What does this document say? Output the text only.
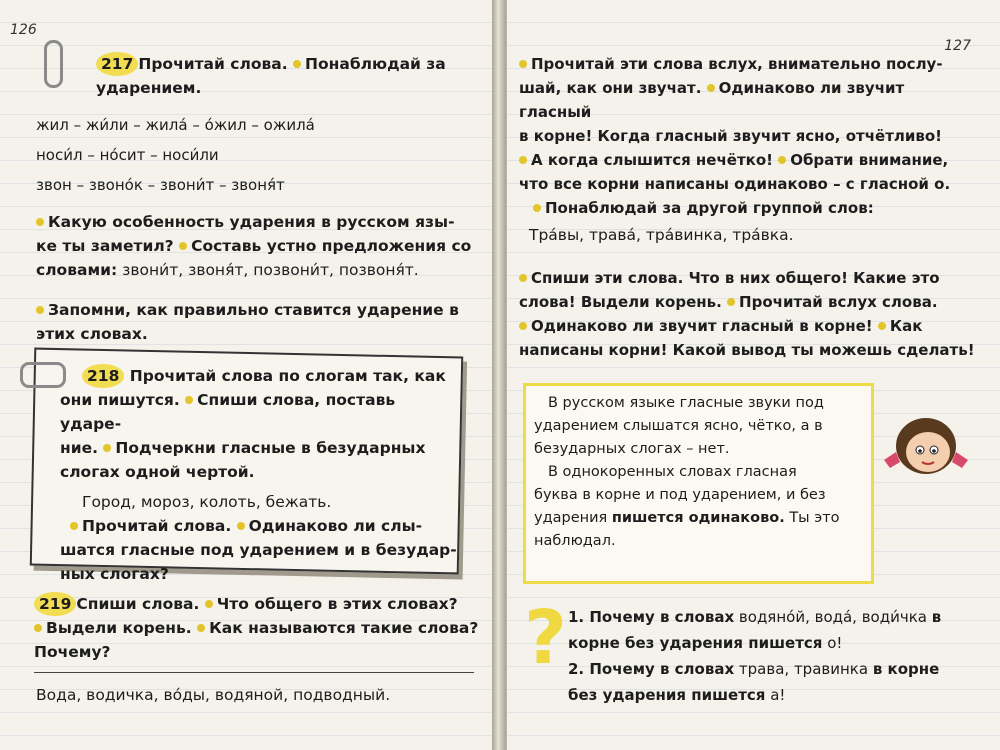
126
217 Прочитай слова. Понаблюдай за
ударением.
жил – жи́ли – жила́ – о́жил – ожила́
носи́л – но́сит – носи́ли
звон – звоно́к – звони́т – звоня́т
Какую особенность ударения в русском язы-
ке ты заметил? Составь устно предложения со
словами: звони́т, звоня́т, позвони́т, позвоня́т.
Запомни, как правильно ставится ударение в
этих словах.
218 Прочитай слова по слогам так, как
они пишутся. Спиши слова, поставь ударе-
ние. Подчеркни гласные в безударных
слогах одной чертой.
Город, мороз, колоть, бежать.
Прочитай слова. Одинаково ли слы-
шатся гласные под ударением и в безудар-
ных слогах?
219 Спиши слова. Что общего в этих словах?
Выдели корень. Как называются такие слова?
Почему?
Вода, водичка, во́ды, водяной, подводный.
127
Прочитай эти слова вслух, внимательно послу-
шай, как они звучат. Одинаково ли звучит гласный
в корне! Когда гласный звучит ясно, отчётливо!
А когда слышится нечётко! Обрати внимание,
что все корни написаны одинаково – с гласной о.
Понаблюдай за другой группой слов:
Тра́вы, трава́, тра́винка, тра́вка.
Спиши эти слова. Что в них общего! Какие это
слова! Выдели корень. Прочитай вслух слова.
Одинаково ли звучит гласный в корне! Как
написаны корни! Какой вывод ты можешь сделать!
В русском языке гласные звуки под
ударением слышатся ясно, чётко, а в
безударных слогах – нет.
В однокоренных словах гласная
буква в корне и под ударением, и без
ударения пишется одинаково. Ты это
наблюдал.
? 1. Почему в словах водяно́й, вода́, води́чка в
корне без ударения пишется о!
2. Почему в словах трава, травинка в корне
без ударения пишется а!
